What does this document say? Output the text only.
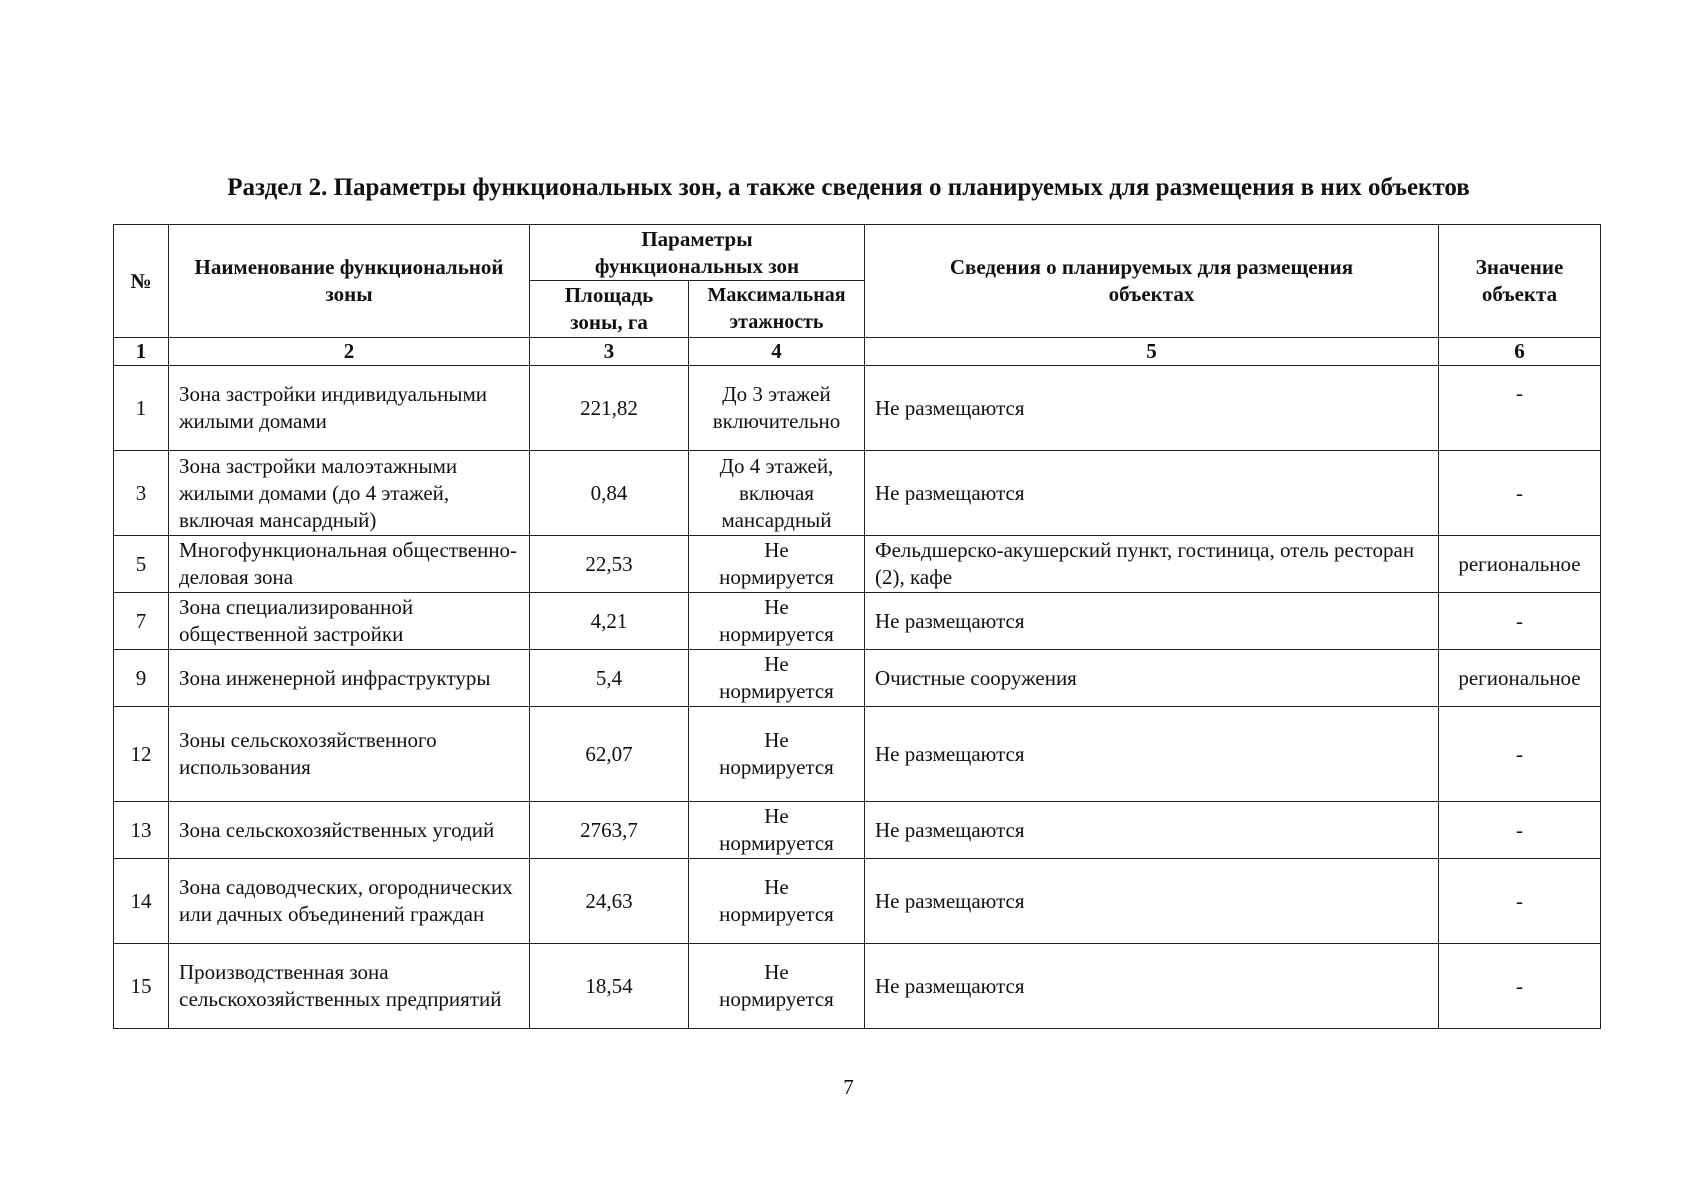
Раздел 2. Параметры функциональных зон, а также сведения о планируемых для размещения в них объектов
№	Наименование функциональной зоны	Параметры функциональных зон		Сведения о планируемых для размещения объектах	Значение объекта
		Площадь зоны, га	Максимальная этажность		
1	2	3	4	5	6
1	Зона застройки индивидуальными жилыми домами	221,82	До 3 этажей включительно	Не размещаются	-
3	Зона застройки малоэтажными жилыми домами (до 4 этажей, включая мансардный)	0,84	До 4 этажей, включая мансардный	Не размещаются	-
5	Многофункциональная общественно-деловая зона	22,53	Не нормируется	Фельдшерско-акушерский пункт, гостиница, отель ресторан (2), кафе	региональное
7	Зона специализированной общественной застройки	4,21	Не нормируется	Не размещаются	-
9	Зона инженерной инфраструктуры	5,4	Не нормируется	Очистные сооружения	региональное
12	Зоны сельскохозяйственного использования	62,07	Не нормируется	Не размещаются	-
13	Зона сельскохозяйственных угодий	2763,7	Не нормируется	Не размещаются	-
14	Зона садоводческих, огороднических или дачных объединений граждан	24,63	Не нормируется	Не размещаются	-
15	Производственная зона сельскохозяйственных предприятий	18,54	Не нормируется	Не размещаются	-
7
